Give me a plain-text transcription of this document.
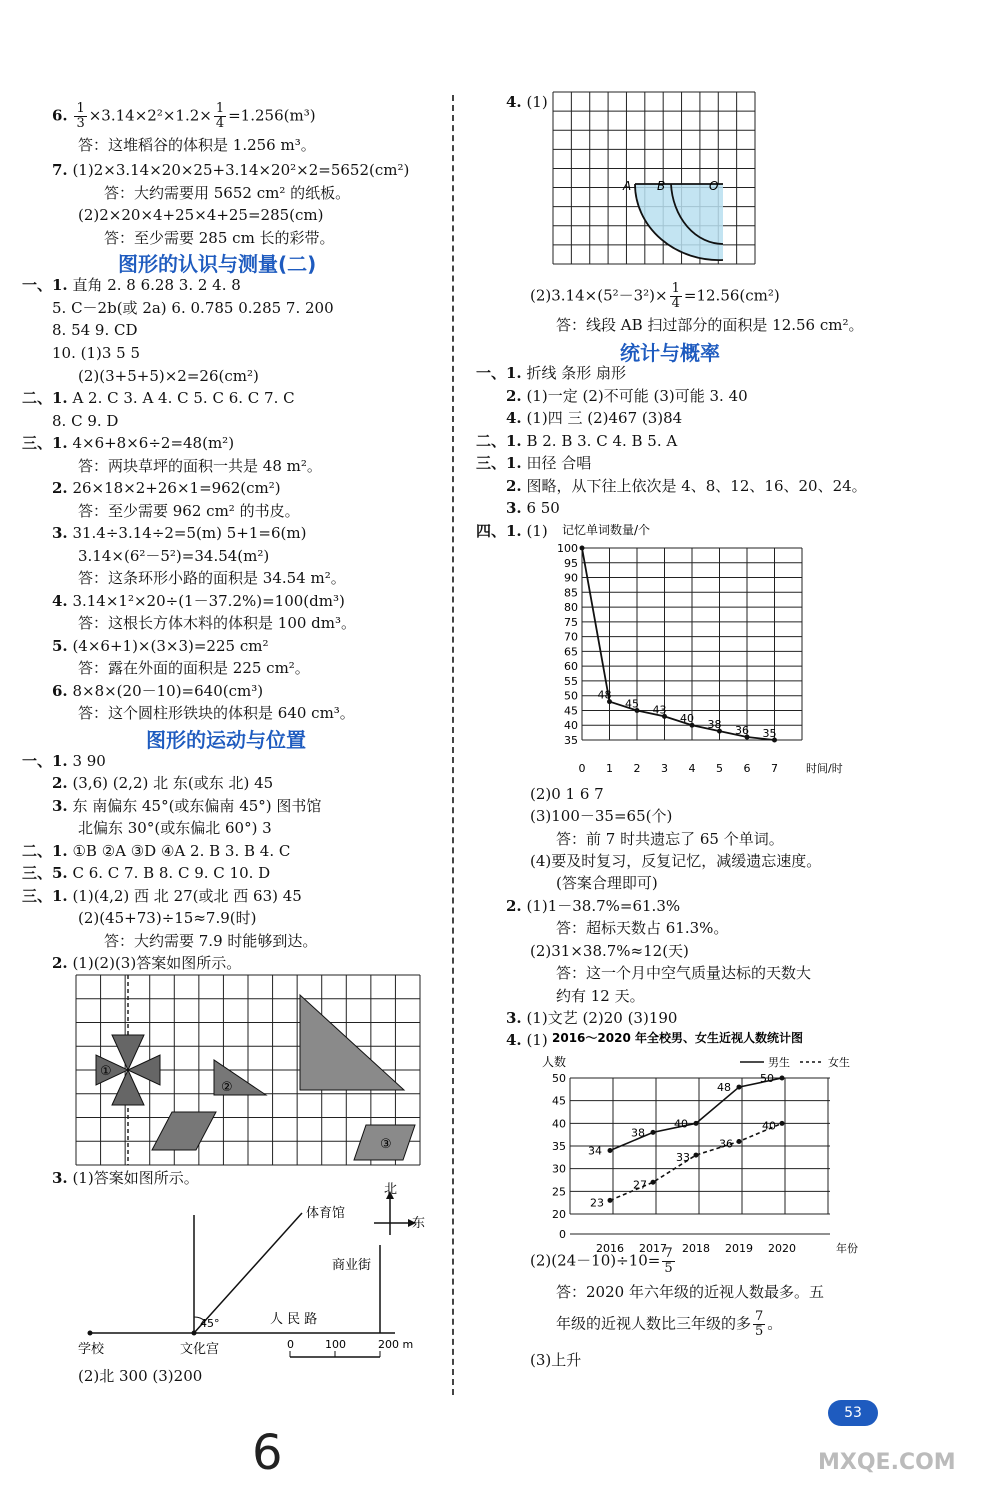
6. $\frac{1}{3} \times 3.14\times 2^2\times 1.2\times \frac{1}{4} =1.256(m^3)$
答：这堆稻谷的体积是 1.256 m³。
7. (1)2×3.14×20×25+3.14×20²×2=5652(cm²)
答：大约需要用 5652 cm² 的纸板。
(2)2×20×4+25×4+25=285(cm)
答：至少需要 285 cm 长的彩带。
图形的认识与测量(二)
一、1. 直角 2. 8 6.28 3. 2 4. 8
5. C－2b(或 2a) 6. 0.785 0.285 7. 200
8. 54 9. CD
10. (1)3 5 5
(2)(3+5+5)×2=26(cm²)
二、1. A 2. C 3. A 4. C 5. C 6. C 7. C
8. C 9. D
三、1. 4×6+8×6÷2=48(m²)
答：两块草坪的面积一共是 48 m²。
2. 26×18×2+26×1=962(cm²)
答：至少需要 962 cm² 的书皮。
3. 31.4÷3.14÷2=5(m) 5+1=6(m)
3.14×(6²－5²)=34.54(m²)
答：这条环形小路的面积是 34.54 m²。
4. 3.14×1²×20÷(1－37.2%)=100(dm³)
答：这根长方体木料的体积是 100 dm³。
5. (4×6+1)×(3×3)=225 cm²
答：露在外面的面积是 225 cm²。
6. 8×8×(20－10)=640(cm³)
答：这个圆柱形铁块的体积是 640 cm³。
图形的运动与位置
一、1. 3 90
2. (3,6) (2,2) 北 东(或东 北) 45
3. 东 南偏东 45°(或东偏南 45°) 图书馆
北偏东 30°(或东偏北 60°) 3
二、1. ①B ②A ③D ④A 2. B 3. B 4. C
三、5. C 6. C 7. B 8. C 9. C 10. D
三、1. (1)(4,2) 西 北 27(或北 西 63) 45
(2)(45+73)÷15≈7.9(时)
答：大约需要 7.9 时能够到达。
2. (1)(2)(3)答案如图所示。
①
②
③
3. (1)答案如图所示。
45°
体育馆
商业街
人 民 路
学校	文化宫
北
东
0	100	200 m
(2)北 300 (3)200
4. (1)
A B	O
$(2)3.14\times(5^2-3^2)\times \frac{1}{4} =12.56(cm^2)$
答：线段 AB 扫过部分的面积是 12.56 cm²。
统计与概率
一、1. 折线 条形 扇形
2. (1)一定 (2)不可能 (3)可能 3. 40
4. (1)四 三 (2)467 (3)84
二、1. B 2. B 3. C 4. B 5. A
三、1. 田径 合唱
2. 图略，从下往上依次是 4、8、12、16、20、24。
3. 6 50
四、1. (1) 记忆单词数量/个
35
40
45
50
55
60
65
70
75
80
85
90
95
100
0 1 2 3 4 5 6 7	时间/时
48
45 43
40 38 36 35
(2)0 1 6 7
(3)100－35=65(个)
答：前 7 时共遗忘了 65 个单词。
(4)要及时复习，反复记忆，减缓遗忘速度。
(答案合理即可)
2. (1)1－38.7%=61.3%
答：超标天数占 61.3%。
(2)31×38.7%≈12(天)
答：这一个月中空气质量达标的天数大
约有 12 天。
3. (1)文艺 (2)20 (3)190
4. (1) 2016～2020 年全校男、女生近视人数统计图
人数	男生	女生
0
20
25
30
35
40
45
50
2016 2017 2018 2019 2020	年份
34
38
40
48
50
23
27
33
36
40
$(2)(24-10)\div 10= \frac{7}{5}$
答：2020 年六年级的近视人数最多。五
年级的近视人数比三年级的多 $\frac{7}{5}$ 。
(3)上升
53
6	MXQE.COM
